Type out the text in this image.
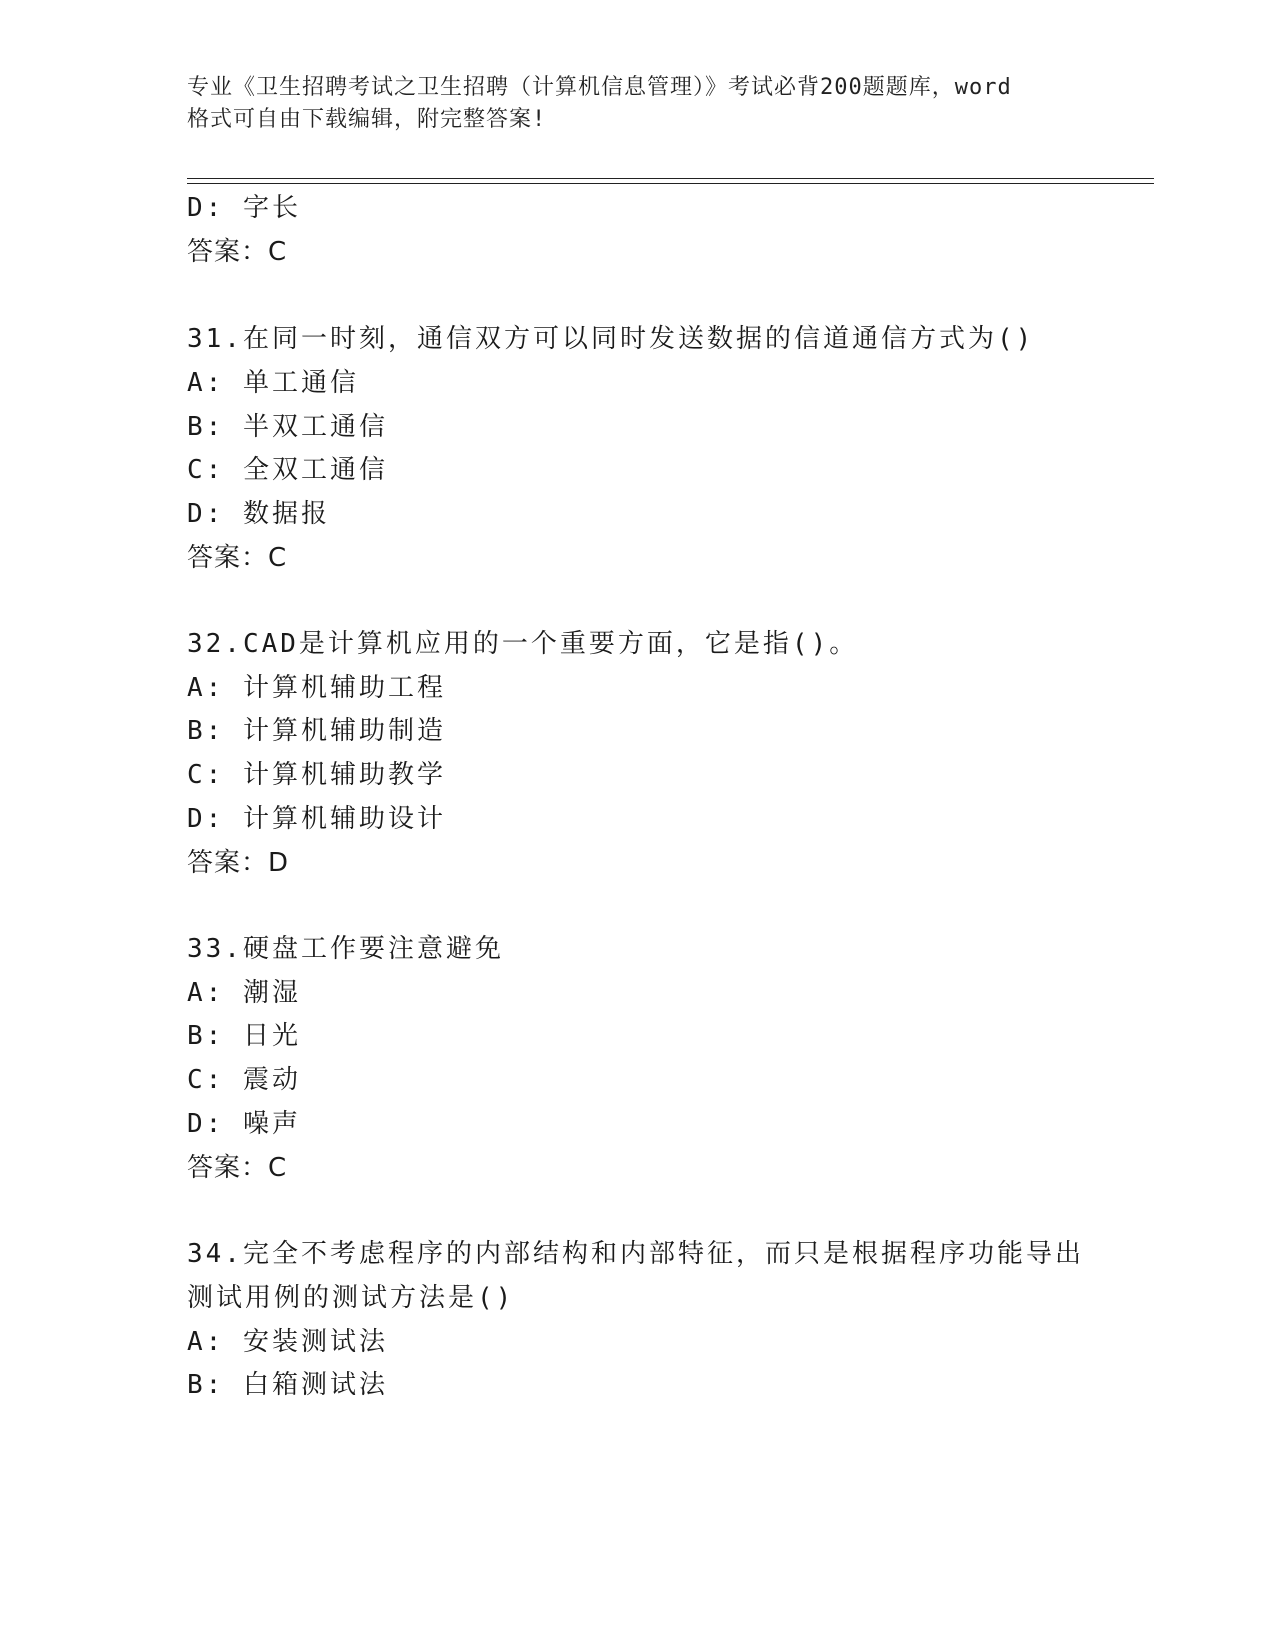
专业《卫生招聘考试之卫生招聘（计算机信息管理）》考试必背200题题库，word
格式可自由下载编辑，附完整答案!
D: 字长
答案：C
31.在同一时刻，通信双方可以同时发送数据的信道通信方式为()
A: 单工通信
B: 半双工通信
C: 全双工通信
D: 数据报
答案：C
32.CAD是计算机应用的一个重要方面，它是指()。
A: 计算机辅助工程
B: 计算机辅助制造
C: 计算机辅助教学
D: 计算机辅助设计
答案：D
33.硬盘工作要注意避免
A: 潮湿
B: 日光
C: 震动
D: 噪声
答案：C
34.完全不考虑程序的内部结构和内部特征，而只是根据程序功能导出
测试用例的测试方法是()
A: 安装测试法
B: 白箱测试法
